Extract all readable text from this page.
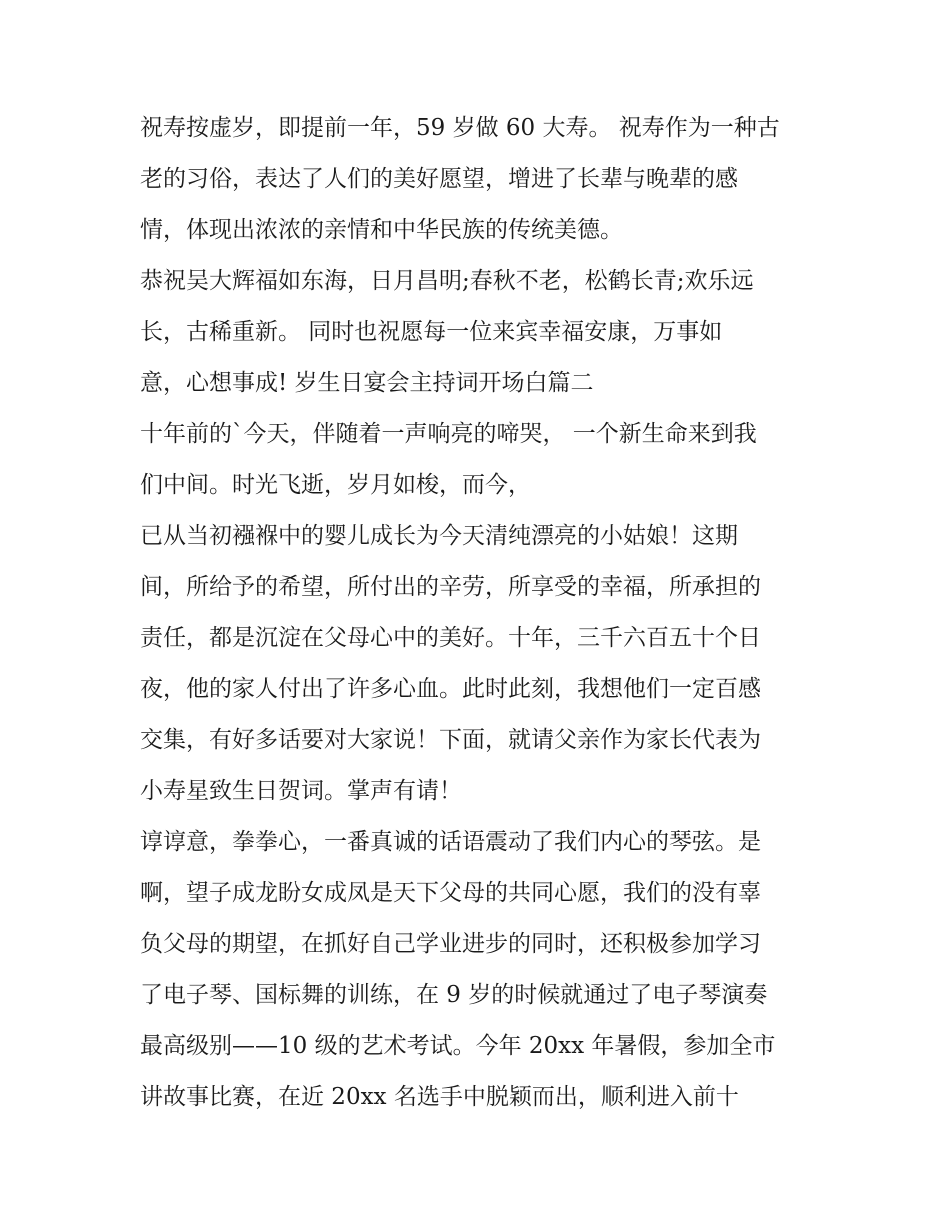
祝寿按虚岁，即提前一年，59 岁做 60 大寿。 祝寿作为一种古
老的习俗，表达了人们的美好愿望，增进了长辈与晚辈的感
情，体现出浓浓的亲情和中华民族的传统美德。
恭祝吴大辉福如东海，日月昌明;春秋不老，松鹤长青;欢乐远
长，古稀重新。 同时也祝愿每一位来宾幸福安康，万事如
意，心想事成! 岁生日宴会主持词开场白篇二
十年前的`今天，伴随着一声响亮的啼哭， 一个新生命来到我
们中间。时光飞逝，岁月如梭，而今，
已从当初襁褓中的婴儿成长为今天清纯漂亮的小姑娘！这期
间，所给予的希望，所付出的辛劳，所享受的幸福，所承担的
责任，都是沉淀在父母心中的美好。十年，三千六百五十个日
夜，他的家人付出了许多心血。此时此刻，我想他们一定百感
交集，有好多话要对大家说！下面，就请父亲作为家长代表为
小寿星致生日贺词。掌声有请！
谆谆意，拳拳心，一番真诚的话语震动了我们内心的琴弦。是
啊，望子成龙盼女成凤是天下父母的共同心愿，我们的没有辜
负父母的期望，在抓好自己学业进步的同时，还积极参加学习
了电子琴、国标舞的训练，在 9 岁的时候就通过了电子琴演奏
最高级别——10 级的艺术考试。今年 20xx 年暑假，参加全市
讲故事比赛，在近 20xx 名选手中脱颖而出，顺利进入前十
